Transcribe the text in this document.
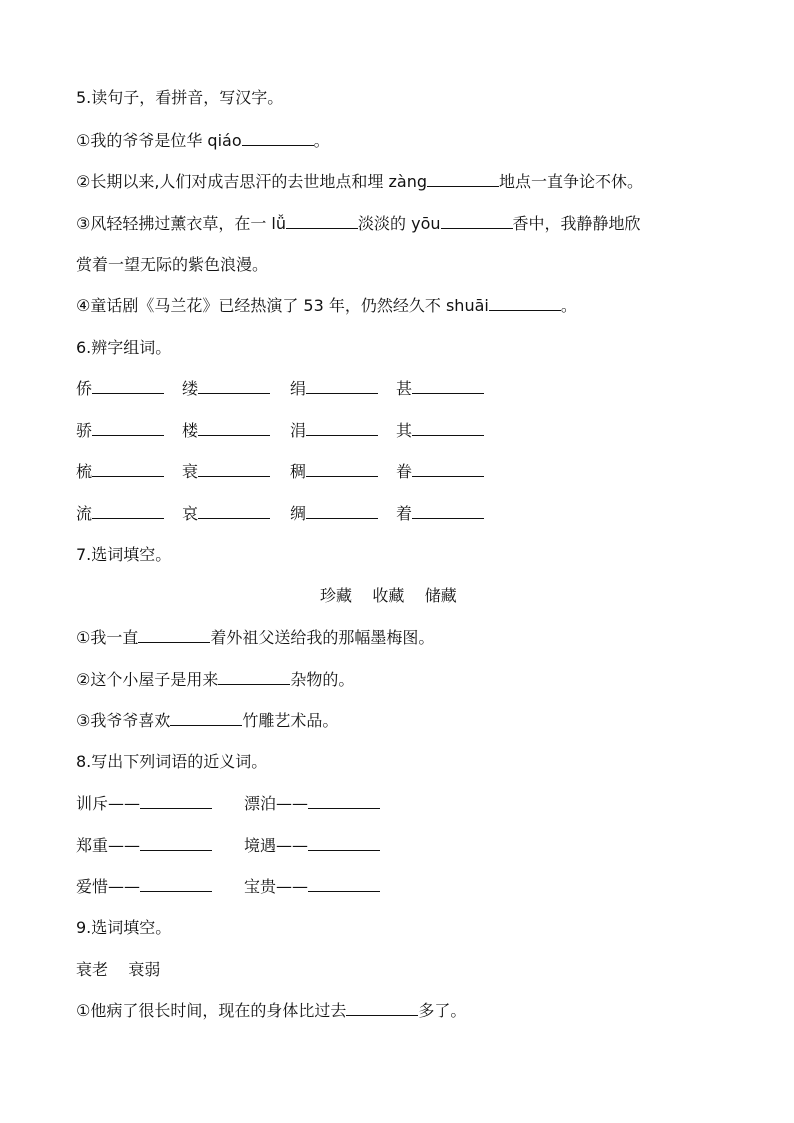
5.读句子，看拼音，写汉字。
①我的爷爷是位华 qiáo	。
②长期以来,人们对成吉思汗的去世地点和埋 zàng	地点一直争论不休。
③风轻轻拂过薰衣草，在一 lǚ	淡淡的 yōu	香中，我静静地欣
赏着一望无际的紫色浪漫。
④童话剧《马兰花》已经热演了 53 年，仍然经久不 shuāi	。
6.辨字组词。
侨	缕	绢	甚
骄	楼	涓	其
梳	衰	稠	眷
流	哀	绸	着
7.选词填空。
珍藏    收藏    储藏
①我一直	着外祖父送给我的那幅墨梅图。
②这个小屋子是用来	杂物的。
③我爷爷喜欢	竹雕艺术品。
8.写出下列词语的近义词。
训斥——	漂泊——
郑重——	境遇——
爱惜——	宝贵——
9.选词填空。
衰老    衰弱
①他病了很长时间，现在的身体比过去	多了。
